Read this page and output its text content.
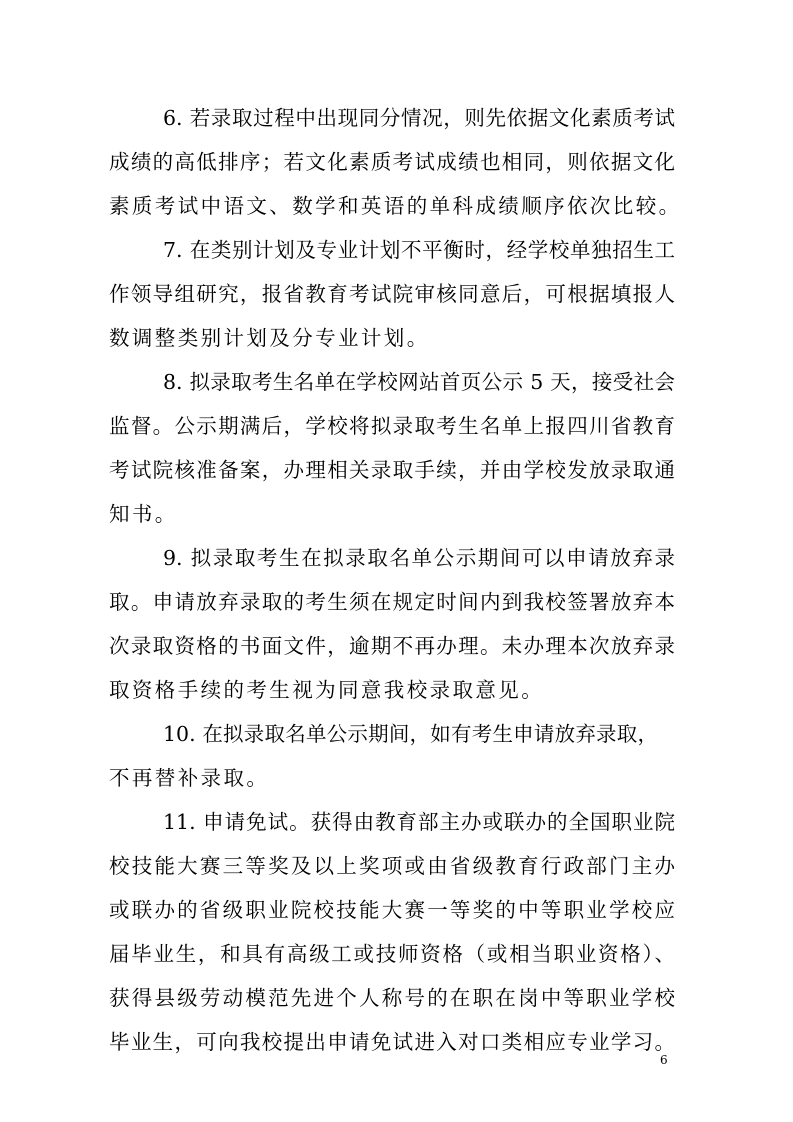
6. 若录取过程中出现同分情况，则先依据文化素质考试
成绩的高低排序；若文化素质考试成绩也相同，则依据文化
素质考试中语文、数学和英语的单科成绩顺序依次比较。
7. 在类别计划及专业计划不平衡时，经学校单独招生工
作领导组研究，报省教育考试院审核同意后，可根据填报人
数调整类别计划及分专业计划。
8. 拟录取考生名单在学校网站首页公示 5 天，接受社会
监督。公示期满后，学校将拟录取考生名单上报四川省教育
考试院核准备案，办理相关录取手续，并由学校发放录取通
知书。
9. 拟录取考生在拟录取名单公示期间可以申请放弃录
取。申请放弃录取的考生须在规定时间内到我校签署放弃本
次录取资格的书面文件，逾期不再办理。未办理本次放弃录
取资格手续的考生视为同意我校录取意见。
10. 在拟录取名单公示期间，如有考生申请放弃录取，
不再替补录取。
11. 申请免试。获得由教育部主办或联办的全国职业院
校技能大赛三等奖及以上奖项或由省级教育行政部门主办
或联办的省级职业院校技能大赛一等奖的中等职业学校应
届毕业生，和具有高级工或技师资格（或相当职业资格）、
获得县级劳动模范先进个人称号的在职在岗中等职业学校
毕业生，可向我校提出申请免试进入对口类相应专业学习。
6
